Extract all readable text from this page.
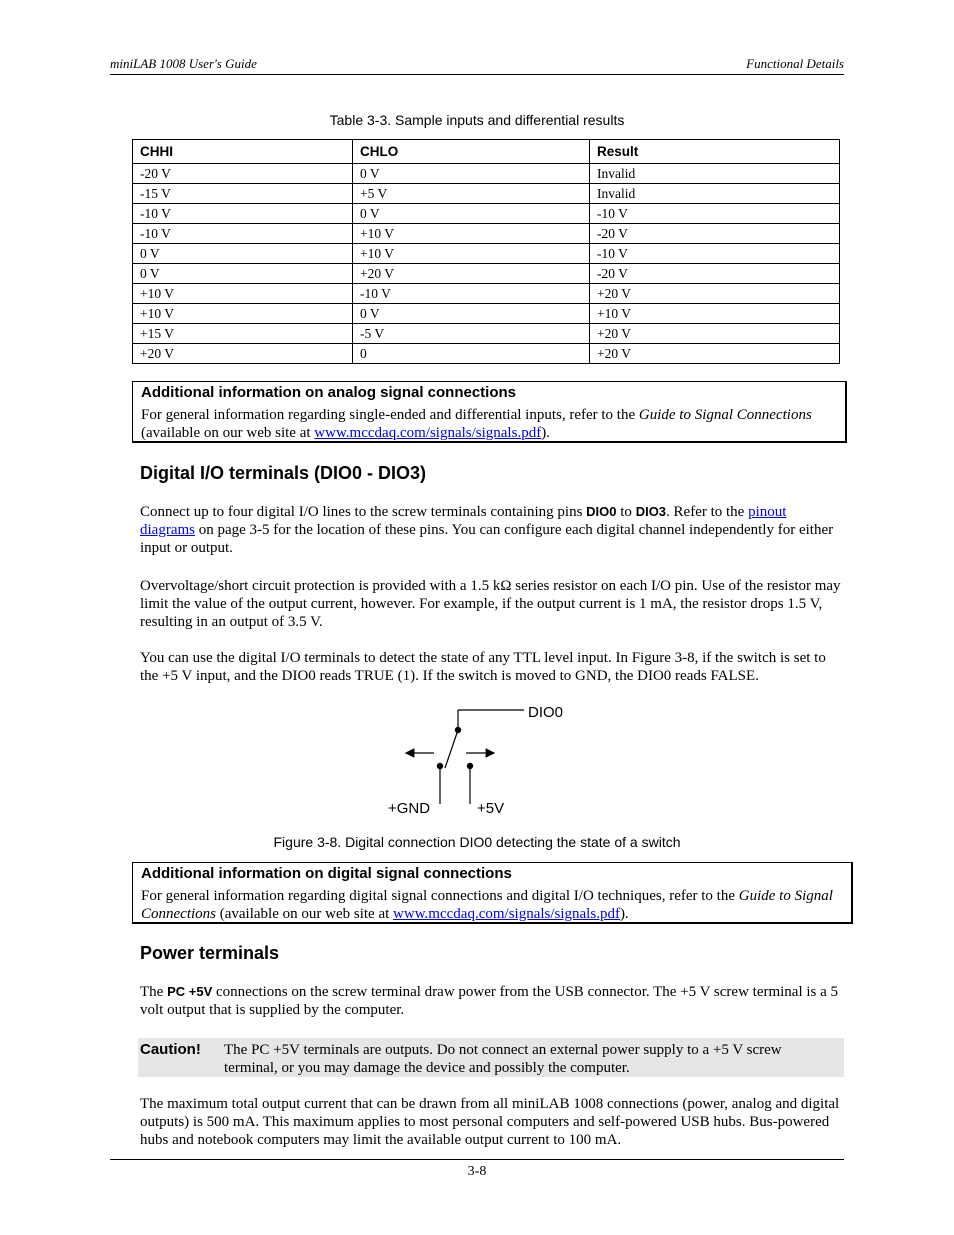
miniLAB 1008 User's Guide	Functional Details
Table 3-3. Sample inputs and differential results
CHHI	CHLO	Result
-20 V	0 V	Invalid
-15 V	+5 V	Invalid
-10 V	0 V	-10 V
-10 V	+10 V	-20 V
0 V	+10 V	-10 V
0 V	+20 V	-20 V
+10 V	-10 V	+20 V
+10 V	0 V	+10 V
+15 V	-5 V	+20 V
+20 V	0	+20 V
Additional information on analog signal connections
For general information regarding single-ended and differential inputs, refer to the Guide to Signal Connections (available on our web site at www.mccdaq.com/signals/signals.pdf).
Digital I/O terminals (DIO0 - DIO3)
Connect up to four digital I/O lines to the screw terminals containing pins DIO0 to DIO3. Refer to the pinout diagrams on page 3-5 for the location of these pins. You can configure each digital channel independently for either input or output.
Overvoltage/short circuit protection is provided with a 1.5 kΩ series resistor on each I/O pin. Use of the resistor may limit the value of the output current, however. For example, if the output current is 1 mA, the resistor drops 1.5 V, resulting in an output of 3.5 V.
You can use the digital I/O terminals to detect the state of any TTL level input. In Figure 3-8, if the switch is set to the +5 V input, and the DIO0 reads TRUE (1). If the switch is moved to GND, the DIO0 reads FALSE.
DIO0
+GND	+5V
Figure 3-8. Digital connection DIO0 detecting the state of a switch
Additional information on digital signal connections
For general information regarding digital signal connections and digital I/O techniques, refer to the Guide to Signal Connections (available on our web site at www.mccdaq.com/signals/signals.pdf).
Power terminals
The PC +5V connections on the screw terminal draw power from the USB connector. The +5 V screw terminal is a 5 volt output that is supplied by the computer.
Caution! The PC +5V terminals are outputs. Do not connect an external power supply to a +5 V screw terminal, or you may damage the device and possibly the computer.
The maximum total output current that can be drawn from all miniLAB 1008 connections (power, analog and digital outputs) is 500 mA. This maximum applies to most personal computers and self-powered USB hubs. Bus-powered hubs and notebook computers may limit the available output current to 100 mA.
3-8
